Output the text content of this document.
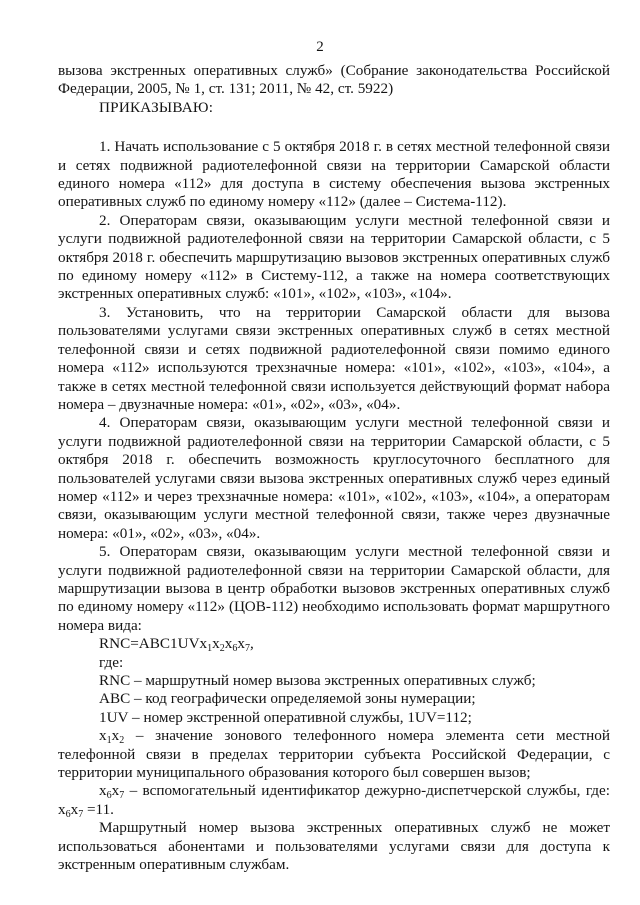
2

вызова экстренных оперативных служб» (Собрание законодательства Российской Федерации, 2005, № 1, ст. 131; 2011, № 42, ст. 5922)

ПРИКАЗЫВАЮ:

1. Начать использование с 5 октября 2018 г. в сетях местной телефонной связи и сетях подвижной радиотелефонной связи на территории Самарской области единого номера «112» для доступа в систему обеспечения вызова экстренных оперативных служб по единому номеру «112» (далее – Система-112).

2. Операторам связи, оказывающим услуги местной телефонной связи и услуги подвижной радиотелефонной связи на территории Самарской области, с 5 октября 2018 г. обеспечить маршрутизацию вызовов экстренных оперативных служб по единому номеру «112» в Систему-112, а также на номера соответствующих экстренных оперативных служб: «101», «102», «103», «104».

3. Установить, что на территории Самарской области для вызова пользователями услугами связи экстренных оперативных служб в сетях местной телефонной связи и сетях подвижной радиотелефонной связи помимо единого номера «112» используются трехзначные номера: «101», «102», «103», «104», а также в сетях местной телефонной связи используется действующий формат набора номера – двузначные номера: «01», «02», «03», «04».

4. Операторам связи, оказывающим услуги местной телефонной связи и услуги подвижной радиотелефонной связи на территории Самарской области, с 5 октября 2018 г. обеспечить возможность круглосуточного бесплатного для пользователей услугами связи вызова экстренных оперативных служб через единый номер «112» и через трехзначные номера: «101», «102», «103», «104», а операторам связи, оказывающим услуги местной телефонной связи, также через двузначные номера: «01», «02», «03», «04».

5. Операторам связи, оказывающим услуги местной телефонной связи и услуги подвижной радиотелефонной связи на территории Самарской области, для маршрутизации вызова в центр обработки вызовов экстренных оперативных служб по единому номеру «112» (ЦОВ-112) необходимо использовать формат маршрутного номера вида:

$RNC=ABC1UVx_1x_2x_6x_7$,

где:

RNC – маршрутный номер вызова экстренных оперативных служб;

ABC – код географически определяемой зоны нумерации;

1UV – номер экстренной оперативной службы, 1UV=112;

$x_1x_2$ – значение зонового телефонного номера элемента сети местной телефонной связи в пределах территории субъекта Российской Федерации, с территории муниципального образования которого был совершен вызов;

$x_6x_7$ – вспомогательный идентификатор дежурно-диспетчерской службы, где: $x_6x_7 =11$.

Маршрутный номер вызова экстренных оперативных служб не может использоваться абонентами и пользователями услугами связи для доступа к экстренным оперативным службам.
